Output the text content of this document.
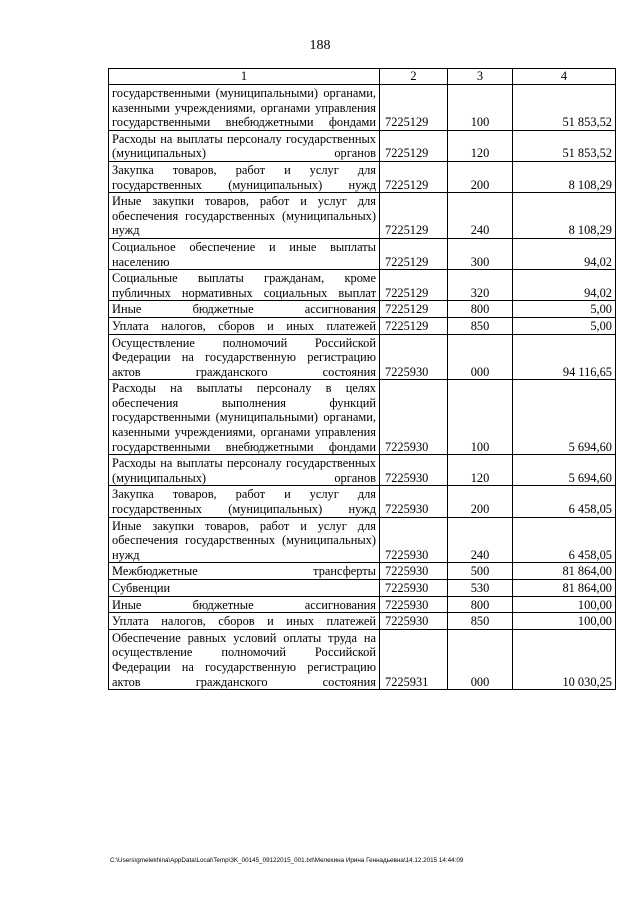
188
1	2	3	4
государственными (муниципальными) органами, казенными учреждениями, органами управления государственными внебюджетными фондами	7225129	100	51 853,52
Расходы на выплаты персоналу государственных (муниципальных) органов	7225129	120	51 853,52
Закупка товаров, работ и услуг для государственных (муниципальных) нужд	7225129	200	8 108,29
Иные закупки товаров, работ и услуг для обеспечения государственных (муниципальных) нужд	7225129	240	8 108,29
Социальное обеспечение и иные выплаты населению	7225129	300	94,02
Социальные выплаты гражданам, кроме публичных нормативных социальных выплат	7225129	320	94,02
Иные бюджетные ассигнования	7225129	800	5,00
Уплата налогов, сборов и иных платежей	7225129	850	5,00
Осуществление полномочий Российской Федерации на государственную регистрацию актов гражданского состояния	7225930	000	94 116,65
Расходы на выплаты персоналу в целях обеспечения выполнения функций государственными (муниципальными) органами, казенными учреждениями, органами управления государственными внебюджетными фондами	7225930	100	5 694,60
Расходы на выплаты персоналу государственных (муниципальных) органов	7225930	120	5 694,60
Закупка товаров, работ и услуг для государственных (муниципальных) нужд	7225930	200	6 458,05
Иные закупки товаров, работ и услуг для обеспечения государственных (муниципальных) нужд	7225930	240	6 458,05
Межбюджетные трансферты	7225930	500	81 864,00
Субвенции	7225930	530	81 864,00
Иные бюджетные ассигнования	7225930	800	100,00
Уплата налогов, сборов и иных платежей	7225930	850	100,00
Обеспечение равных условий оплаты труда на осуществление полномочий Российской Федерации на государственную регистрацию актов гражданского состояния	7225931	000	10 030,25
C:\Users\gmelekhina\AppData\Local\Temp\3K_00145_09122015_001.txt\Мелехина Ирина Геннадьевна\14.12.2015 14:44:09
